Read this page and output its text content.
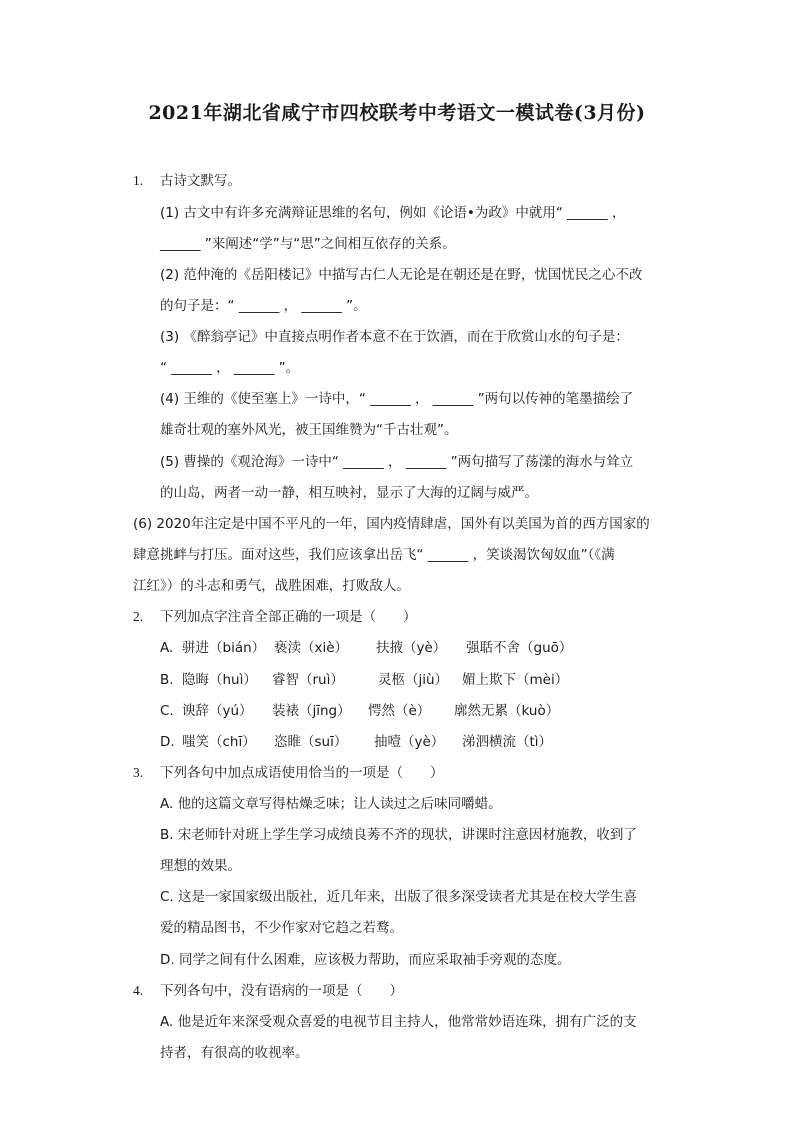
2021年湖北省咸宁市四校联考中考语文一模试卷(3月份)
1. 古诗文默写。
(1) 古文中有许多充满辩证思维的名句，例如《论语•为政》中就用“ ______ ，
______ ”来阐述“学”与“思”之间相互依存的关系。
(2) 范仲淹的《岳阳楼记》中描写古仁人无论是在朝还是在野，忧国忧民之心不改
的句子是：“ ______ ， ______ ”。
(3) 《醉翁亭记》中直接点明作者本意不在于饮酒，而在于欣赏山水的句子是：
“ ______ ， ______ ”。
(4) 王维的《使至塞上》一诗中，“ ______ ， ______ ”两句以传神的笔墨描绘了
雄奇壮观的塞外风光，被王国维赞为“千古壮观”。
(5) 曹操的《观沧海》一诗中“ ______ ， ______ ”两句描写了荡漾的海水与耸立
的山岛，两者一动一静，相互映衬，显示了大海的辽阔与威严。
(6) 2020年注定是中国不平凡的一年，国内疫情肆虐，国外有以美国为首的西方国家的
肆意挑衅与打压。面对这些，我们应该拿出岳飞“ ______ ，笑谈渴饮匈奴血”（《满
江红》）的斗志和勇气，战胜困难，打败敌人。
2. 下列加点字注音全部正确的一项是（　　）
A. 骈进（bián） 亵渎（xiè） 扶掖（yè） 强聒不舍（guō）
B. 隐晦（huì） 睿智（ruì）	灵柩（jiù） 媚上欺下（mèi）
C. 谀辞（yú） 装裱（jīng） 愕然（è） 廓然无累（kuò）
D. 嗤笑（chī） 恣睢（suī） 抽噎（yè） 涕泗横流（tì）
3. 下列各句中加点成语使用恰当的一项是（　　）
A. 他的这篇文章写得枯燥乏味；让人读过之后味同嚼蜡。
B. 宋老师针对班上学生学习成绩良莠不齐的现状，讲课时注意因材施教，收到了
理想的效果。
C. 这是一家国家级出版社，近几年来，出版了很多深受读者尤其是在校大学生喜
爱的精品图书，不少作家对它趋之若鹜。
D. 同学之间有什么困难，应该极力帮助，而应采取袖手旁观的态度。
4. 下列各句中，没有语病的一项是（　　）
A. 他是近年来深受观众喜爱的电视节目主持人，他常常妙语连珠，拥有广泛的支
持者，有很高的收视率。
